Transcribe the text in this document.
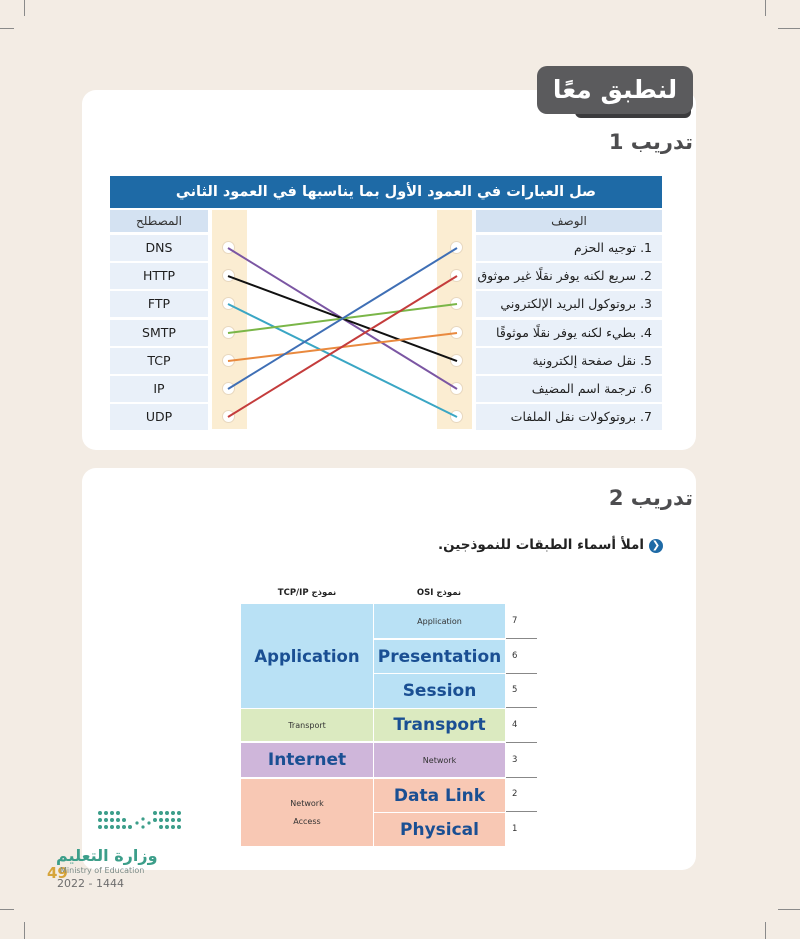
لنطبق معًا
تدريب 1
صل العبارات في العمود الأول بما يناسبها في العمود الثاني
الوصف
المصطلح
1. توجيه الحزم
2. سريع لكنه يوفر نقلًا غير موثوق
3. بروتوكول البريد الإلكتروني
4. بطيء لكنه يوفر نقلًا موثوقًا
5. نقل صفحة إلكترونية
6. ترجمة اسم المضيف
7. بروتوكولات نقل الملفات
DNS
HTTP
FTP
SMTP
TCP
IP
UDP
تدريب 2
❯
املأ أسماء الطبقات للنموذجين.
نموذج TCP/IP	نموذج OSI
Application
Transport
Internet
Network
Access
Application
Presentation
Session
Transport
Network
Data Link
Physical
7
6
5
4
3
2
1
وزارة التعليم
49
Ministry of Education
2022 - 1444
